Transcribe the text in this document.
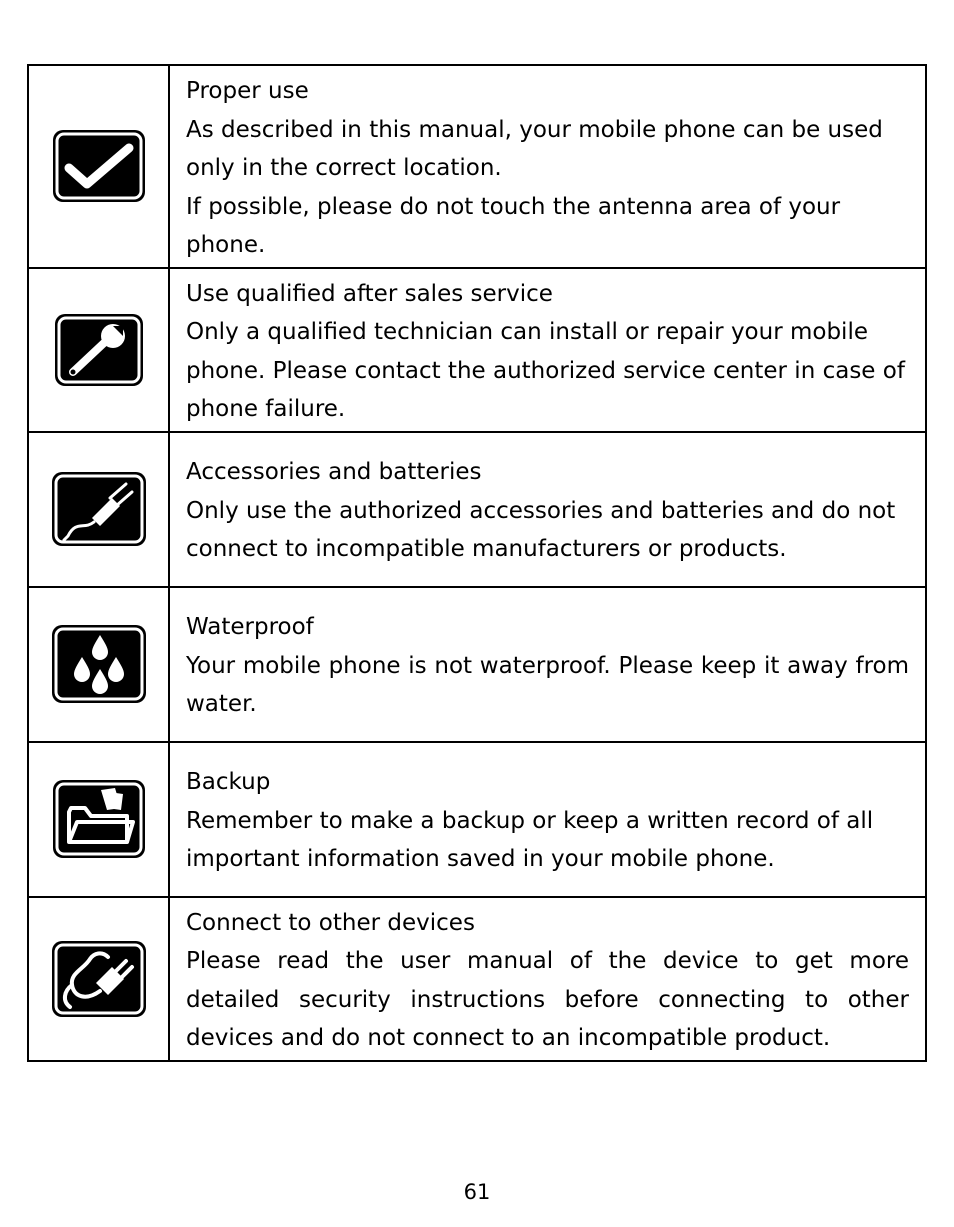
Proper use
As described in this manual, your mobile phone can be used only in the correct location.
If possible, please do not touch the antenna area of your phone.

Use qualified after sales service
Only a qualified technician can install or repair your mobile phone. Please contact the authorized service center in case of phone failure.

Accessories and batteries
Only use the authorized accessories and batteries and do not connect to incompatible manufacturers or products.

Waterproof
Your mobile phone is not waterproof. Please keep it away from water.

Backup
Remember to make a backup or keep a written record of all important information saved in your mobile phone.

Connect to other devices
Please read the user manual of the device to get more detailed security instructions before connecting to other devices and do not connect to an incompatible product.
61
